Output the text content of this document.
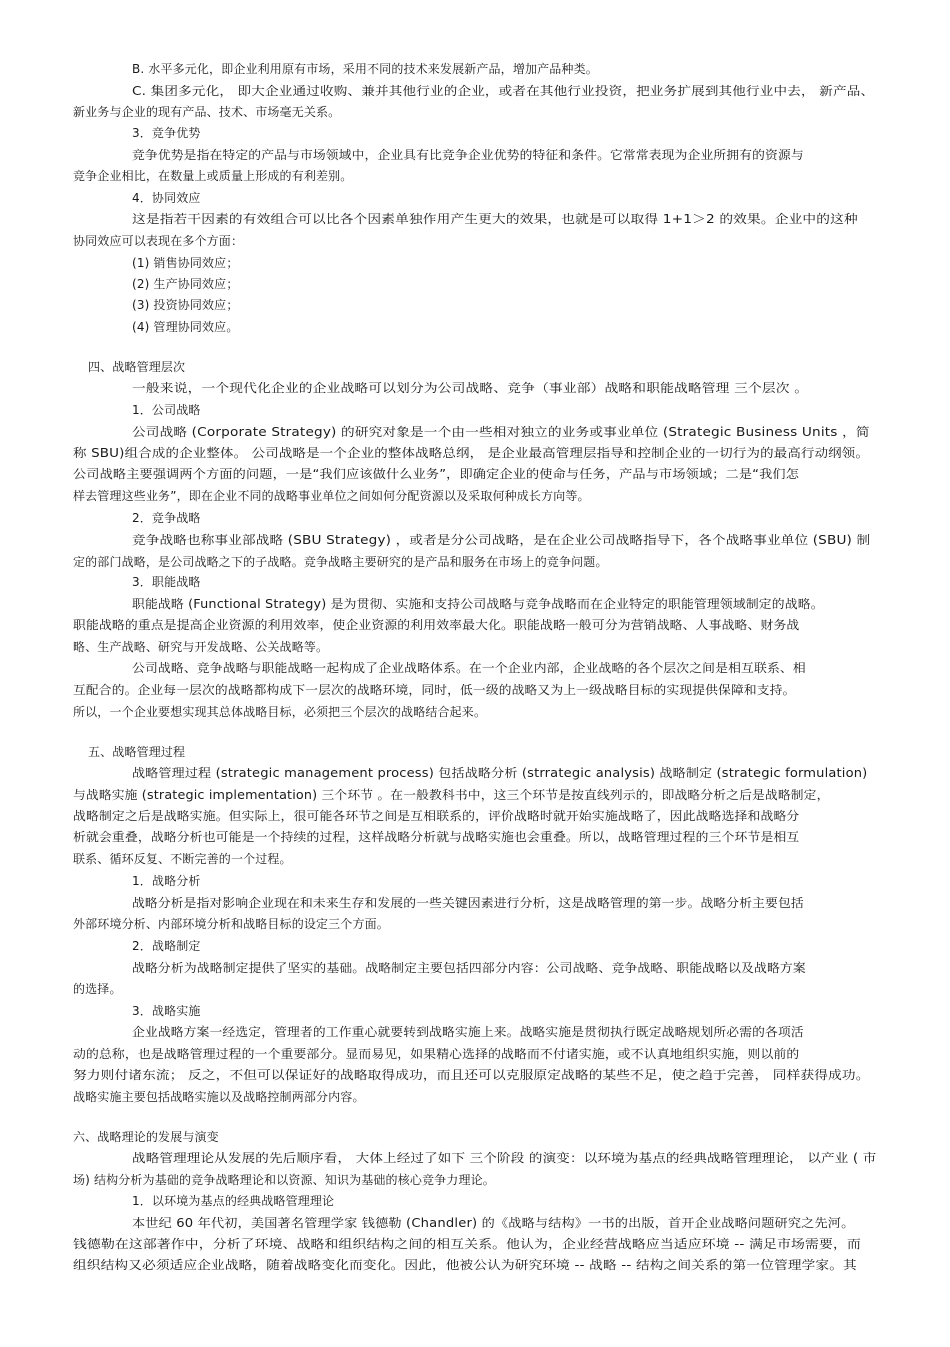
B. 水平多元化，即企业利用原有市场，采用不同的技术来发展新产品，增加产品种类。
C. 集团多元化， 即大企业通过收购、兼并其他行业的企业，或者在其他行业投资，把业务扩展到其他行业中去， 新产品、
新业务与企业的现有产品、技术、市场毫无关系。
3．竞争优势
竞争优势是指在特定的产品与市场领域中，企业具有比竞争企业优势的特征和条件。它常常表现为企业所拥有的资源与
竞争企业相比，在数量上或质量上形成的有利差别。
4．协同效应
这是指若干因素的有效组合可以比各个因素单独作用产生更大的效果，也就是可以取得 1+1＞2 的效果。企业中的这种
协同效应可以表现在多个方面：
(1) 销售协同效应；
(2) 生产协同效应；
(3) 投资协同效应；
(4) 管理协同效应。
四、战略管理层次
一般来说，一个现代化企业的企业战略可以划分为公司战略、竞争（事业部）战略和职能战略管理 三个层次 。
1．公司战略
公司战略 (Corporate Strategy) 的研究对象是一个由一些相对独立的业务或事业单位 (Strategic Business Units ，简
称 SBU)组合成的企业整体。 公司战略是一个企业的整体战略总纲， 是企业最高管理层指导和控制企业的一切行为的最高行动纲领。
公司战略主要强调两个方面的问题，一是“我们应该做什么业务”，即确定企业的使命与任务，产品与市场领域；二是“我们怎
样去管理这些业务”，即在企业不同的战略事业单位之间如何分配资源以及采取何种成长方向等。
2．竞争战略
竞争战略也称事业部战略 (SBU Strategy) ，或者是分公司战略，是在企业公司战略指导下，各个战略事业单位 (SBU) 制
定的部门战略，是公司战略之下的子战略。竞争战略主要研究的是产品和服务在市场上的竞争问题。
3．职能战略
职能战略 (Functional Strategy) 是为贯彻、实施和支持公司战略与竞争战略而在企业特定的职能管理领域制定的战略。
职能战略的重点是提高企业资源的利用效率，使企业资源的利用效率最大化。职能战略一般可分为营销战略、人事战略、财务战
略、生产战略、研究与开发战略、公关战略等。
公司战略、竞争战略与职能战略一起构成了企业战略体系。在一个企业内部，企业战略的各个层次之间是相互联系、相
互配合的。企业每一层次的战略都构成下一层次的战略环境，同时，低一级的战略又为上一级战略目标的实现提供保障和支持。
所以，一个企业要想实现其总体战略目标，必须把三个层次的战略结合起来。
五、战略管理过程
战略管理过程 (strategic management process) 包括战略分析 (strrategic analysis) 战略制定 (strategic formulation)
与战略实施 (strategic implementation) 三个环节 。在一般教科书中，这三个环节是按直线列示的，即战略分析之后是战略制定，
战略制定之后是战略实施。但实际上，很可能各环节之间是互相联系的，评价战略时就开始实施战略了，因此战略选择和战略分
析就会重叠，战略分析也可能是一个持续的过程，这样战略分析就与战略实施也会重叠。所以，战略管理过程的三个环节是相互
联系、循环反复、不断完善的一个过程。
1．战略分析
战略分析是指对影响企业现在和未来生存和发展的一些关键因素进行分析，这是战略管理的第一步。战略分析主要包括
外部环境分析、内部环境分析和战略目标的设定三个方面。
2．战略制定
战略分析为战略制定提供了坚实的基础。战略制定主要包括四部分内容：公司战略、竞争战略、职能战略以及战略方案
的选择。
3．战略实施
企业战略方案一经选定，管理者的工作重心就要转到战略实施上来。战略实施是贯彻执行既定战略规划所必需的各项活
动的总称，也是战略管理过程的一个重要部分。显而易见，如果精心选择的战略而不付诸实施，或不认真地组织实施，则以前的
努力则付诸东流； 反之，不但可以保证好的战略取得成功，而且还可以克服原定战略的某些不足，使之趋于完善， 同样获得成功。
战略实施主要包括战略实施以及战略控制两部分内容。
六、战略理论的发展与演变
战略管理理论从发展的先后顺序看， 大体上经过了如下 三个阶段 的演变：以环境为基点的经典战略管理理论， 以产业 ( 市
场) 结构分析为基础的竞争战略理论和以资源、知识为基础的核心竞争力理论。
1．以环境为基点的经典战略管理理论
本世纪 60 年代初，美国著名管理学家 钱德勒 (Chandler) 的《战略与结构》一书的出版，首开企业战略问题研究之先河。
钱德勒在这部著作中，分析了环境、战略和组织结构之间的相互关系。他认为，企业经营战略应当适应环境 -- 满足市场需要，而
组织结构又必须适应企业战略，随着战略变化而变化。因此，他被公认为研究环境 -- 战略 -- 结构之间关系的第一位管理学家。其
